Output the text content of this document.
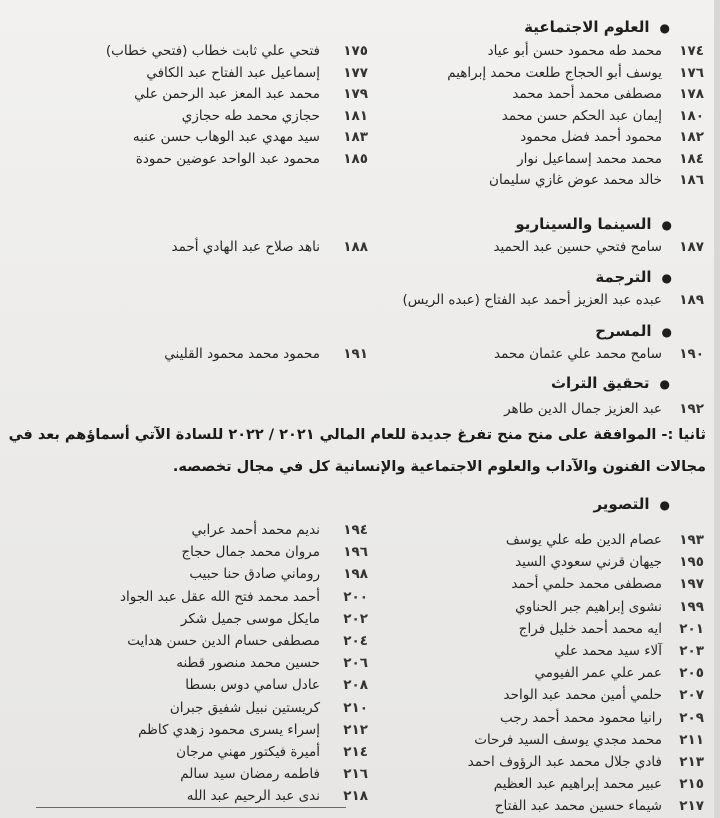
●العلوم الاجتماعية
●السينما والسيناريو
●الترجمة
●المسرح
●تحقيق التراث
ثانيا :- الموافقة على منح منح تفرغ جديدة للعام المالي ٢٠٢١ / ٢٠٢٢ للسادة الآتي أسماؤهم بعد في
مجالات الفنون والآداب والعلوم الاجتماعية والإنسانية كل في مجال تخصصه.
●التصوير
١٧٤
محمد طه محمود حسن أبو عياد
١٧٦
يوسف أبو الحجاج طلعت محمد إبراهيم
١٧٨
مصطفى محمد أحمد محمد
١٨٠
إيمان عبد الحكم حسن محمد
١٨٢
محمود أحمد فضل محمود
١٨٤
محمد محمد إسماعيل نوار
١٨٦
خالد محمد عوض غازي سليمان
١٧٥
فتحي علي ثابت خطاب (فتحي خطاب)
١٧٧
إسماعيل عبد الفتاح عبد الكافي
١٧٩
محمد عبد المعز عبد الرحمن علي
١٨١
حجازي محمد طه حجازي
١٨٣
سيد مهدي عبد الوهاب حسن عنبه
١٨٥
محمود عبد الواحد عوضين حمودة
١٨٧
سامح فتحي حسين عبد الحميد
١٨٨
ناهد صلاح عبد الهادي أحمد
١٨٩
عبده عبد العزيز أحمد عبد الفتاح (عبده الريس)
١٩٠
سامح محمد علي عثمان محمد
١٩١
محمود محمد محمود القليني
١٩٢
عبد العزيز جمال الدين طاهر
١٩٣
عصام الدين طه علي يوسف
١٩٥
جيهان قرني سعودي السيد
١٩٧
مصطفى محمد حلمي أحمد
١٩٩
نشوى إبراهيم جبر الحناوي
٢٠١
ايه محمد أحمد خليل فراج
٢٠٣
آلاء سيد محمد علي
٢٠٥
عمر علي عمر الفيومي
٢٠٧
حلمي أمين محمد عبد الواحد
٢٠٩
رانيا محمود محمد أحمد رجب
٢١١
محمد مجدي يوسف السيد فرحات
٢١٣
فادي جلال محمد عبد الرؤوف احمد
٢١٥
عبير محمد إبراهيم عبد العظيم
٢١٧
شيماء حسين محمد عبد الفتاح
١٩٤
نديم محمد أحمد عرابي
١٩٦
مروان محمد جمال حجاج
١٩٨
روماني صادق حنا حبيب
٢٠٠
أحمد محمد فتح الله عقل عبد الجواد
٢٠٢
مايكل موسى جميل شكر
٢٠٤
مصطفى حسام الدين حسن هدايت
٢٠٦
حسين محمد منصور قطنه
٢٠٨
عادل سامي دوس بسطا
٢١٠
كريستين نبيل شفيق جبران
٢١٢
إسراء يسرى محمود زهدي كاظم
٢١٤
أميرة فيكتور مهني مرجان
٢١٦
فاطمه رمضان سيد سالم
٢١٨
ندى عبد الرحيم عبد الله
